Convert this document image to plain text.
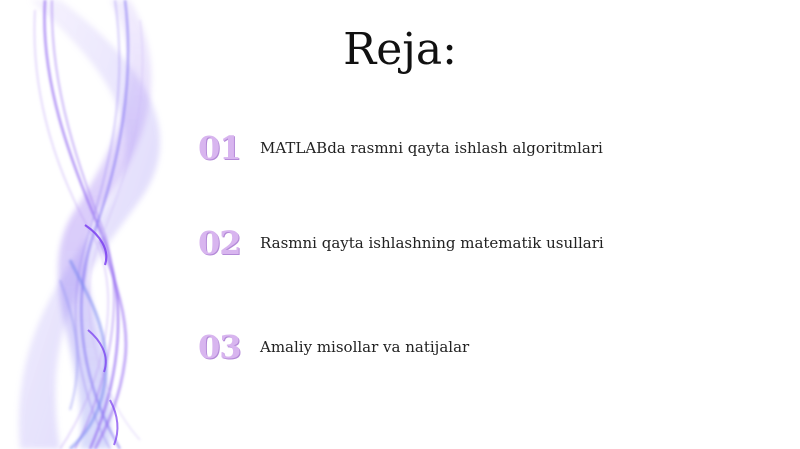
Reja:
01	MATLABda rasmni qayta ishlash algoritmlari
02	Rasmni qayta ishlashning matematik usullari
03	Amaliy misollar va natijalar
